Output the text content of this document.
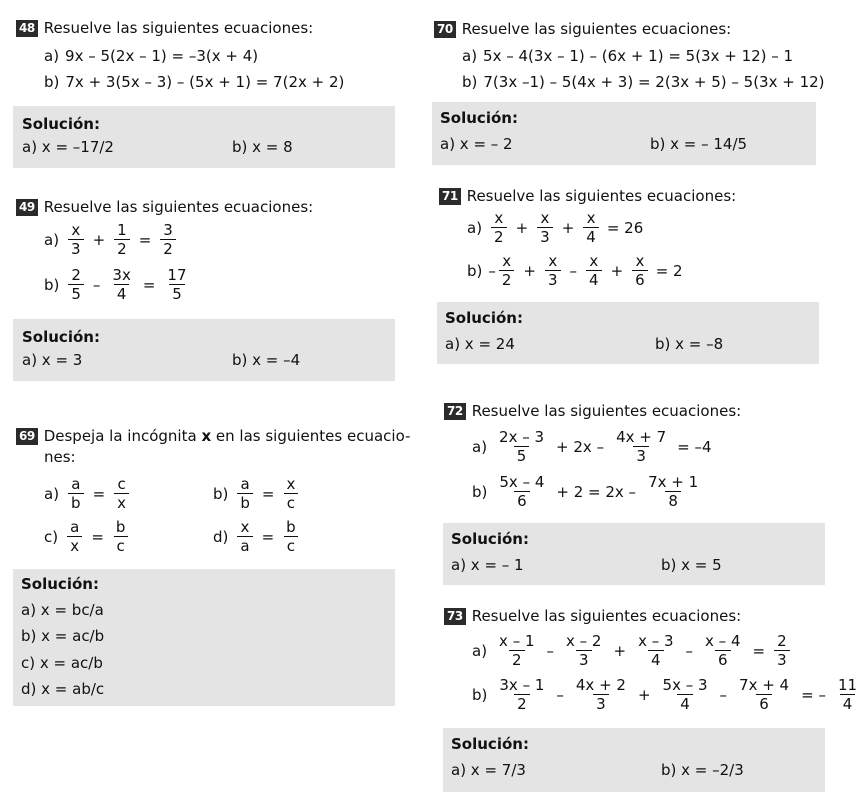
48 Resuelve las siguientes ecuaciones:
a) 9x – 5(2x – 1) = –3(x + 4)
b) 7x + 3(5x – 3) – (5x + 1) = 7(2x + 2)
Solución:
a) x = –17/2	b) x = 8
49 Resuelve las siguientes ecuaciones:
$a) \frac{x}{3} + \frac{1}{2} = \frac{3}{2}$
$b) \frac{2}{5} - \frac{3x}{4} = \frac{17}{5}$
Solución:
a) x = 3	b) x = –4
69 Despeja la incógnita x en las siguientes ecuacio-
nes:
$a) \frac{a}{b} = \frac{c}{x}$	$b) \frac{a}{b} = \frac{x}{c}$
$c) \frac{a}{x} = \frac{b}{c}$	$d) \frac{x}{a} = \frac{b}{c}$
Solución:
a) x = bc/a
b) x = ac/b
c) x = ac/b
d) x = ab/c
70 Resuelve las siguientes ecuaciones:
a) 5x – 4(3x – 1) – (6x + 1) = 5(3x + 12) – 1
b) 7(3x –1) – 5(4x + 3) = 2(3x + 5) – 5(3x + 12)
Solución:
a) x = – 2	b) x = – 14/5
71 Resuelve las siguientes ecuaciones:
$a) \frac{x}{2} + \frac{x}{3} + \frac{x}{4} = 26$
$b) - \frac{x}{2} + \frac{x}{3} - \frac{x}{4} + \frac{x}{6} = 2$
Solución:
a) x = 24	b) x = –8
72 Resuelve las siguientes ecuaciones:
$a) \frac{2x - 3}{5} + 2x - \frac{4x + 7}{3} = -4$
$b) \frac{5x - 4}{6} + 2 = 2x - \frac{7x + 1}{8}$
Solución:
a) x = – 1	b) x = 5
73 Resuelve las siguientes ecuaciones:
$a) \frac{x - 1}{2} - \frac{x - 2}{3} + \frac{x - 3}{4} - \frac{x - 4}{6} = \frac{2}{3}$
$b) \frac{3x - 1}{2} - \frac{4x + 2}{3} + \frac{5x - 3}{4} - \frac{7x + 4}{6}$ = – $\frac{11}{4}$
Solución:
a) x = 7/3	b) x = –2/3
